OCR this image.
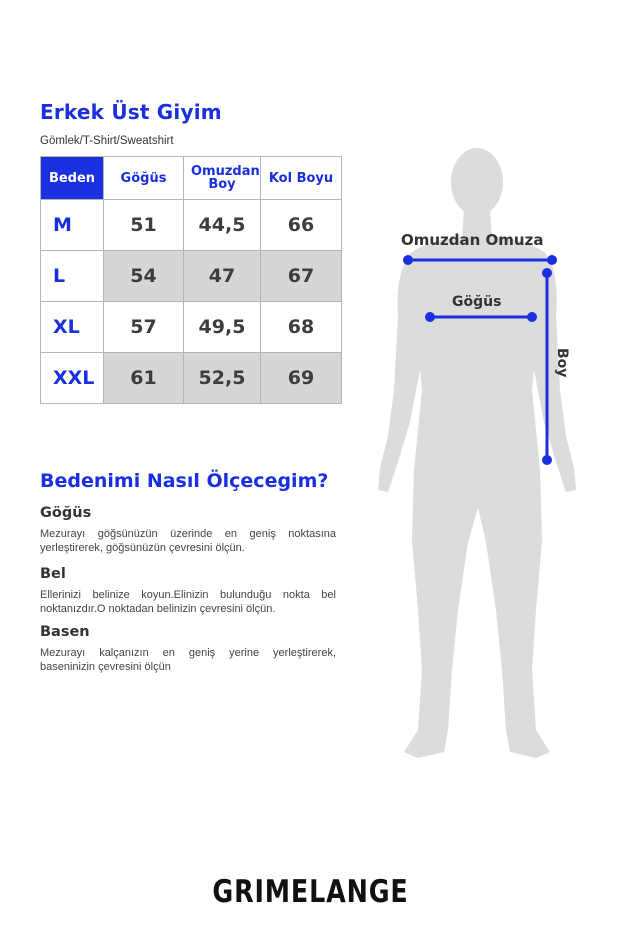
Erkek Üst Giyim
Gömlek/T-Shirt/Sweatshirt
Beden	Göğüs	Omuzdan Boy	Kol Boyu
M	51	44,5	66
L	54	47	67
XL	57	49,5	68
XXL	61	52,5	69
Bedenimi Nasıl Ölçecegim?
Göğüs
Mezurayı göğsünüzün üzerinde en geniş noktasına yerleştirerek, göğsünüzün çevresini ölçün.
Bel
Ellerinizi belinize koyun.Elinizin bulunduğu nokta bel noktanızdır.O noktadan belinizin çevresini ölçün.
Basen
Mezurayı kalçanızın en geniş yerine yerleştirerek, baseninizin çevresini ölçün
Omuzdan Omuza
Göğüs
Boy
GRIMELANGE
